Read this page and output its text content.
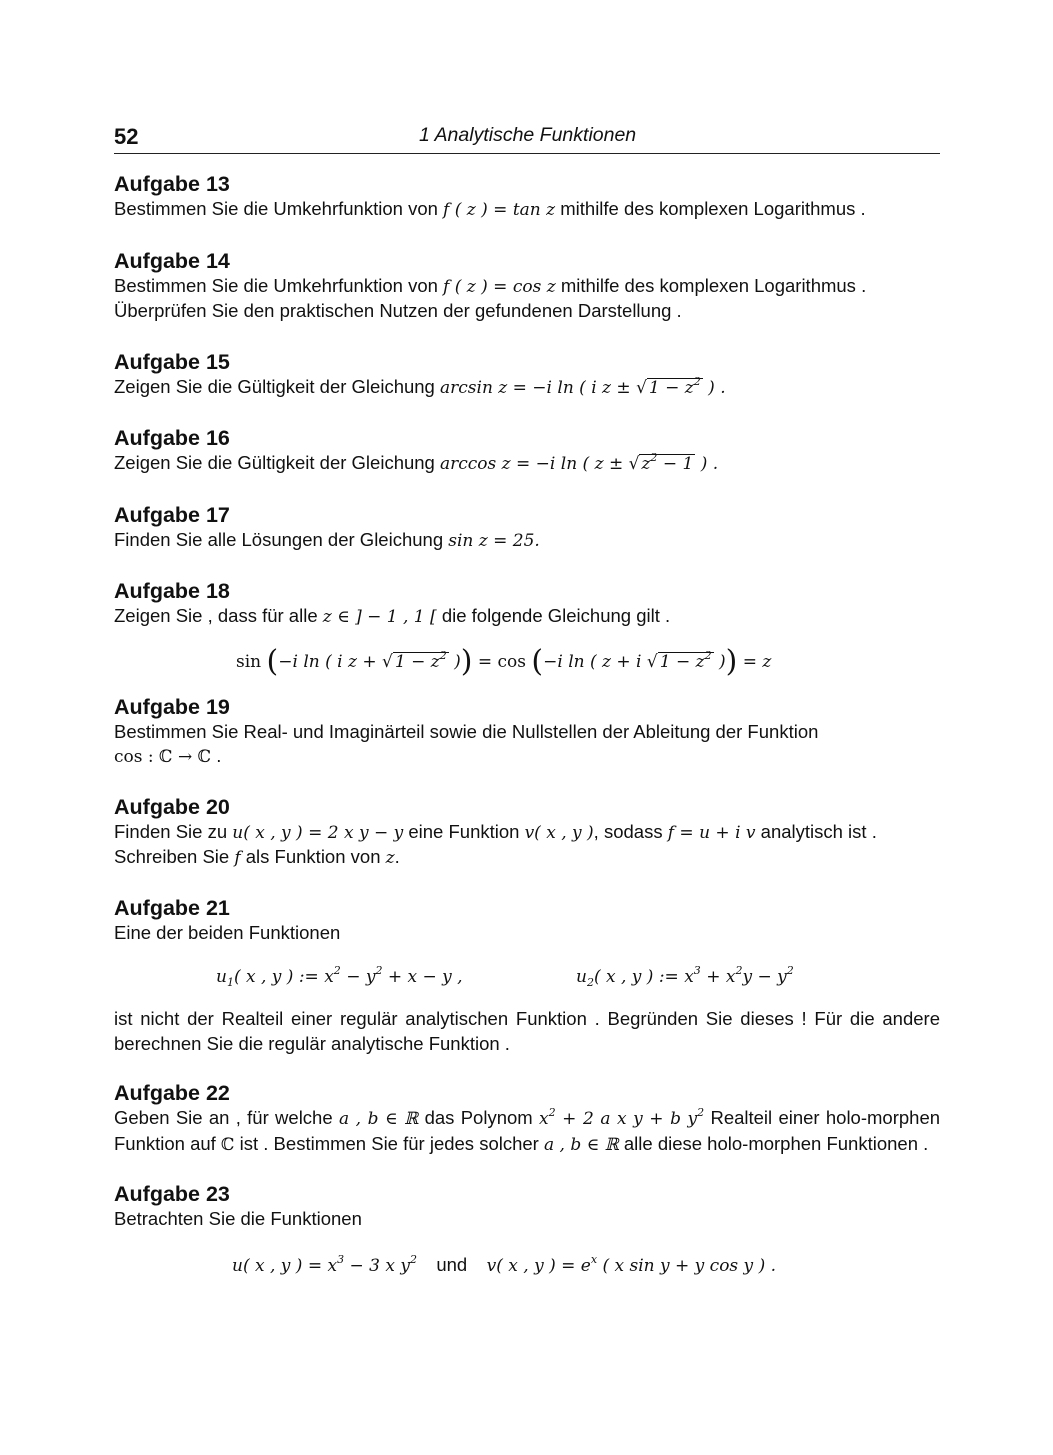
52	1 Analytische Funktionen
Aufgabe 13

Bestimmen Sie die Umkehrfunktion von f ( z ) = tan z mithilfe des komplexen Logarithmus .

Aufgabe 14

Bestimmen Sie die Umkehrfunktion von f ( z ) = cos z mithilfe des komplexen Logarithmus .
Überprüfen Sie den praktischen Nutzen der gefundenen Darstellung .

Aufgabe 15

Zeigen Sie die Gültigkeit der Gleichung arcsin z = −i ln ( i z ± √ $1 - z^2$ ) .

Aufgabe 16

Zeigen Sie die Gültigkeit der Gleichung arccos z = −i ln ( z ± √ $z^2 - 1$ ) .

Aufgabe 17

Finden Sie alle Lösungen der Gleichung sin z = 25.

Aufgabe 18

Zeigen Sie , dass für alle z ∈ ] − 1 , 1 [ die folgende Gleichung gilt .

sin (−i ln ( i z + √ $1 - z^2$ )) = cos (−i ln ( z + i √ $1 - z^2$ )) = z
Aufgabe 19

Bestimmen Sie Real- und Imaginärteil sowie die Nullstellen der Ableitung der Funktion
cos : ℂ → ℂ .

Aufgabe 20

Finden Sie zu u( x , y ) = 2 x y − y eine Funktion v( x , y ), sodass f = u + i v analytisch ist . Schreiben Sie f als Funktion von z.

Aufgabe 21

Eine der beiden Funktionen

$u_1$( x , y ) := $x^2 - y^2 + x - y$ ,	$u_2$( x , y ) := $x^3 + x^2y - y^2$

ist nicht der Realteil einer regulär analytischen Funktion . Begründen Sie dieses ! Für die andere berechnen Sie die regulär analytische Funktion .

Aufgabe 22

Geben Sie an , für welche a , b ∈ ℝ das Polynom $x^2 + 2$ a x y + b $y^2$ Realteil einer holo-morphen Funktion auf ℂ ist . Bestimmen Sie für jedes solcher a , b ∈ ℝ alle diese holo-morphen Funktionen .

Aufgabe 23

Betrachten Sie die Funktionen

u( x , y ) = $x^3 - 3$ x $y^2$ und v( x , y ) = $e^x$ ( x sin y + y cos y ) .
